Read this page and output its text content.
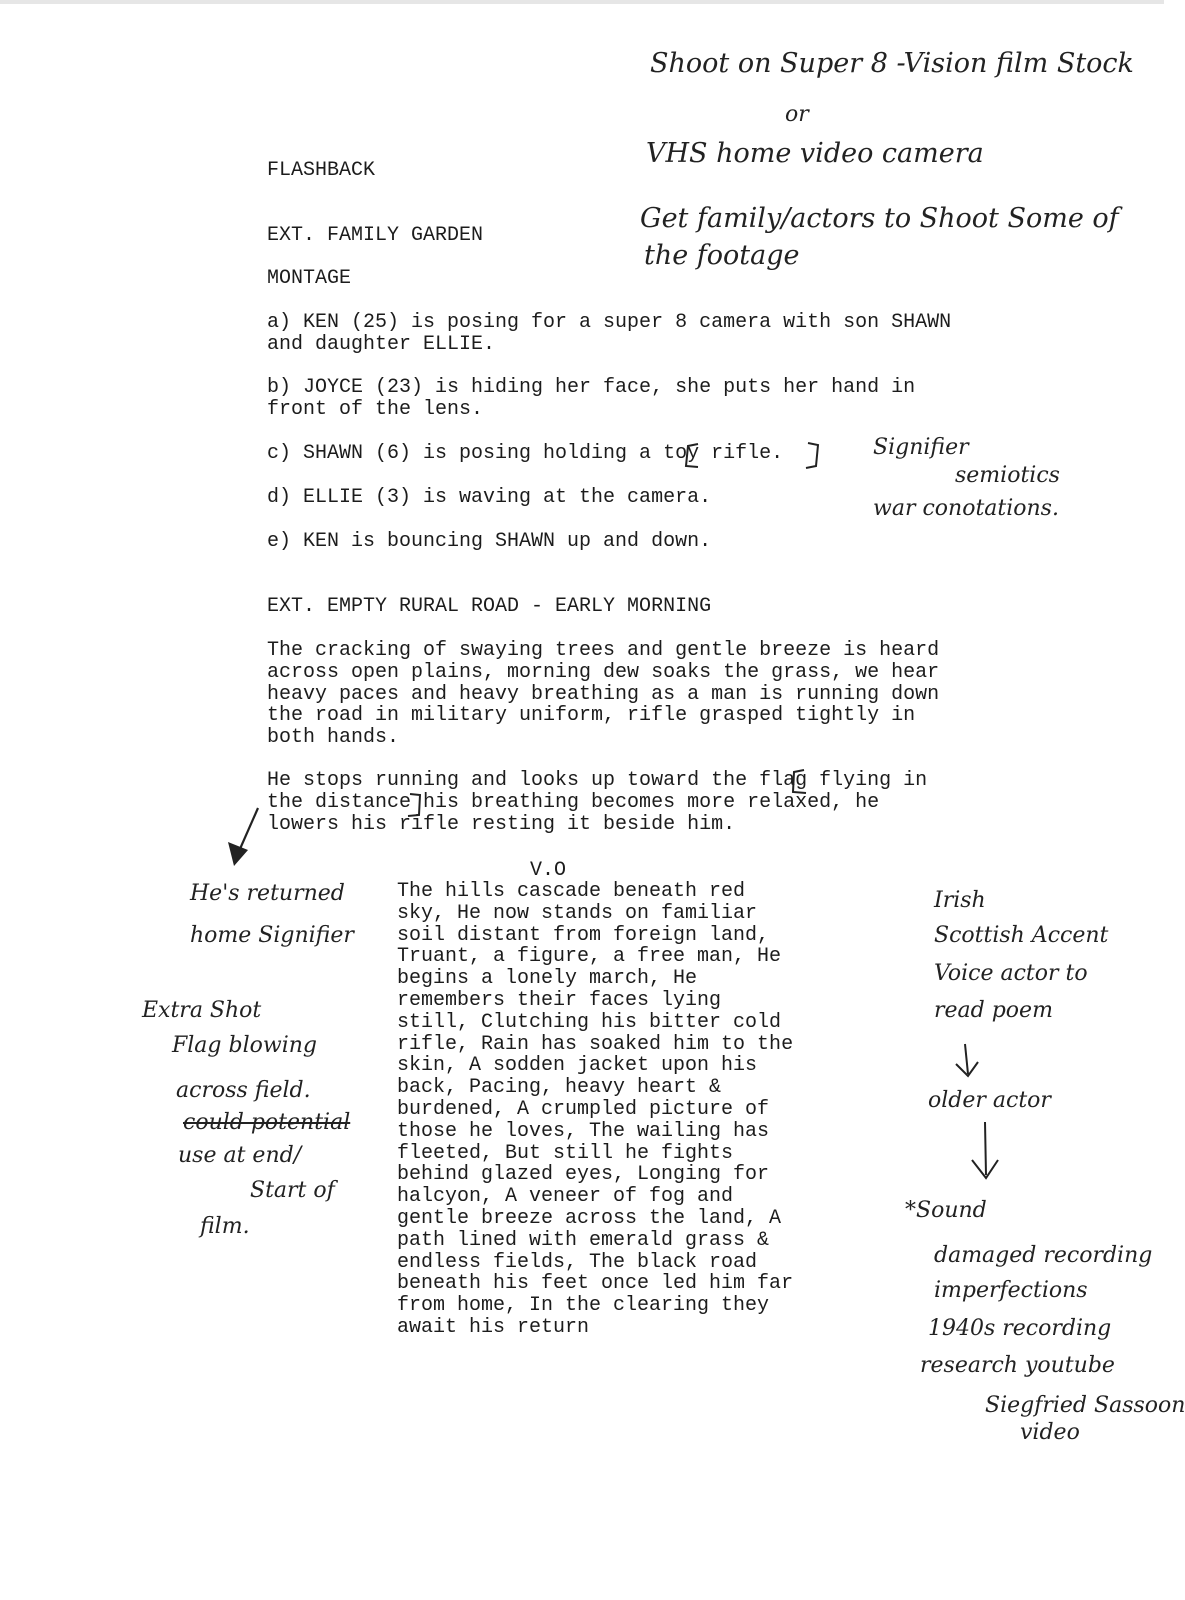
FLASHBACK
EXT. FAMILY GARDEN
MONTAGE
a) KEN (25) is posing for a super 8 camera with son SHAWN
and daughter ELLIE.
b) JOYCE (23) is hiding her face, she puts her hand in
front of the lens.
c) SHAWN (6) is posing holding a toy rifle.
d) ELLIE (3) is waving at the camera.
e) KEN is bouncing SHAWN up and down.
EXT. EMPTY RURAL ROAD - EARLY MORNING
The cracking of swaying trees and gentle breeze is heard
across open plains, morning dew soaks the grass, we hear
heavy paces and heavy breathing as a man is running down
the road in military uniform, rifle grasped tightly in
both hands.
He stops running and looks up toward the flag flying in
the distance his breathing becomes more relaxed, he
lowers his rifle resting it beside him.
V.O
The hills cascade beneath red
sky, He now stands on familiar
soil distant from foreign land,
Truant, a figure, a free man, He
begins a lonely march, He
remembers their faces lying
still, Clutching his bitter cold
rifle, Rain has soaked him to the
skin, A sodden jacket upon his
back, Pacing, heavy heart &
burdened, A crumpled picture of
those he loves, The wailing has
fleeted, But still he fights
behind glazed eyes, Longing for
halcyon, A veneer of fog and
gentle breeze across the land, A
path lined with emerald grass &
endless fields, The black road
beneath his feet once led him far
from home, In the clearing they
await his return
Shoot on Super 8 -Vision film Stock
or
VHS home video camera
Get family/actors to Shoot Some of
the footage
Signifier
semiotics
war conotations.
He's returned
home Signifier
Extra Shot
Flag blowing
across field.
could potential
use at end/
Start of
film.
Irish
Scottish Accent
Voice actor to
read poem
older actor
*Sound
damaged recording
imperfections
1940s recording
research youtube
Siegfried Sassoon
video
